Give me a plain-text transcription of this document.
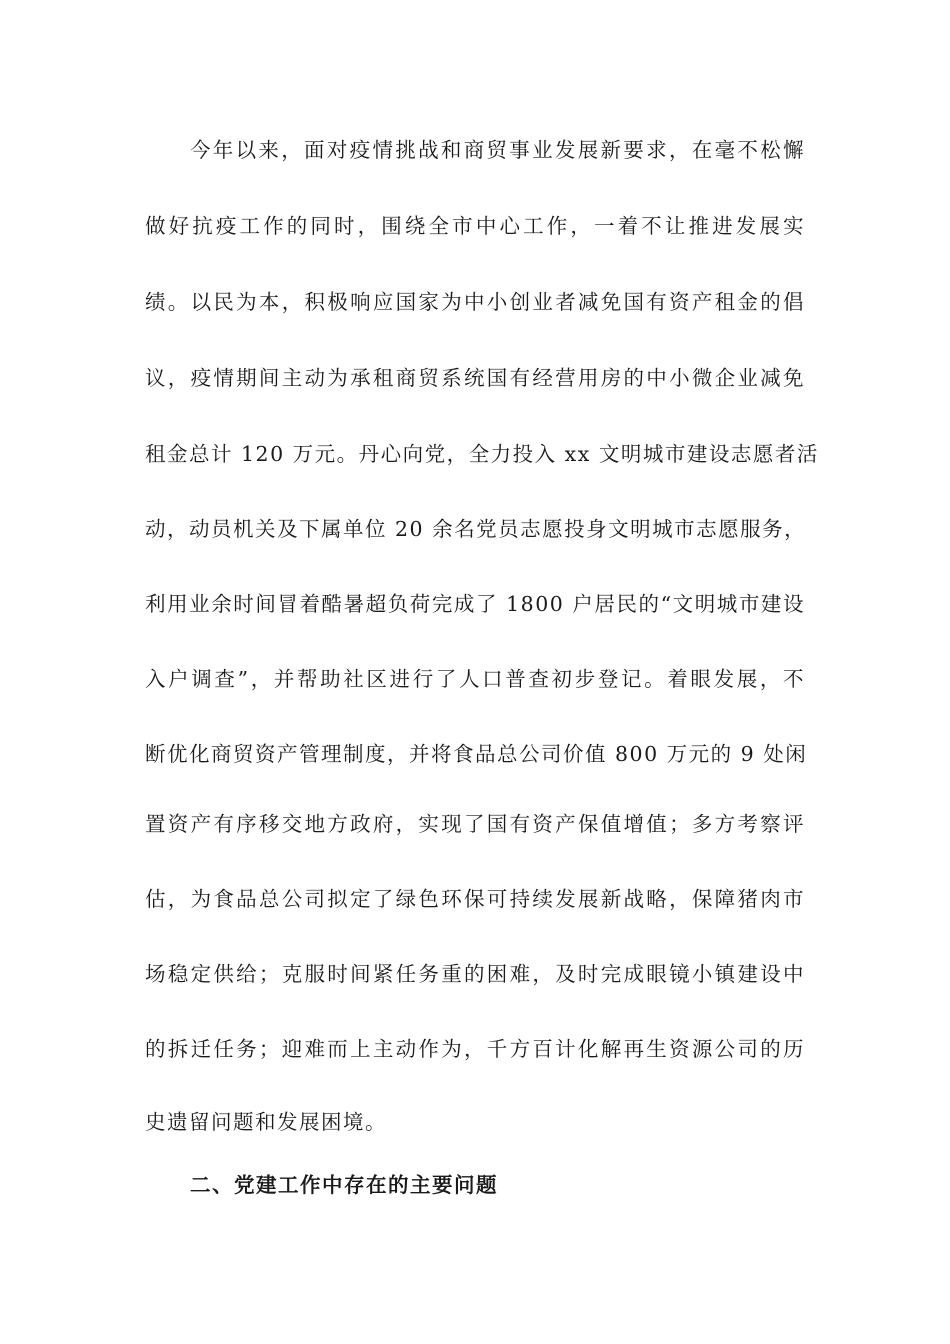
今年以来，面对疫情挑战和商贸事业发展新要求，在毫不松懈
做好抗疫工作的同时，围绕全市中心工作，一着不让推进发展实
绩。以民为本，积极响应国家为中小创业者减免国有资产租金的倡
议，疫情期间主动为承租商贸系统国有经营用房的中小微企业减免
租金总计 120 万元。丹心向党，全力投入 xx 文明城市建设志愿者活
动，动员机关及下属单位 20 余名党员志愿投身文明城市志愿服务，
利用业余时间冒着酷暑超负荷完成了 1800 户居民的“文明城市建设
入户调查”，并帮助社区进行了人口普查初步登记。着眼发展，不
断优化商贸资产管理制度，并将食品总公司价值 800 万元的 9 处闲
置资产有序移交地方政府，实现了国有资产保值增值；多方考察评
估，为食品总公司拟定了绿色环保可持续发展新战略，保障猪肉市
场稳定供给；克服时间紧任务重的困难，及时完成眼镜小镇建设中
的拆迁任务；迎难而上主动作为，千方百计化解再生资源公司的历
史遗留问题和发展困境。
二、党建工作中存在的主要问题
